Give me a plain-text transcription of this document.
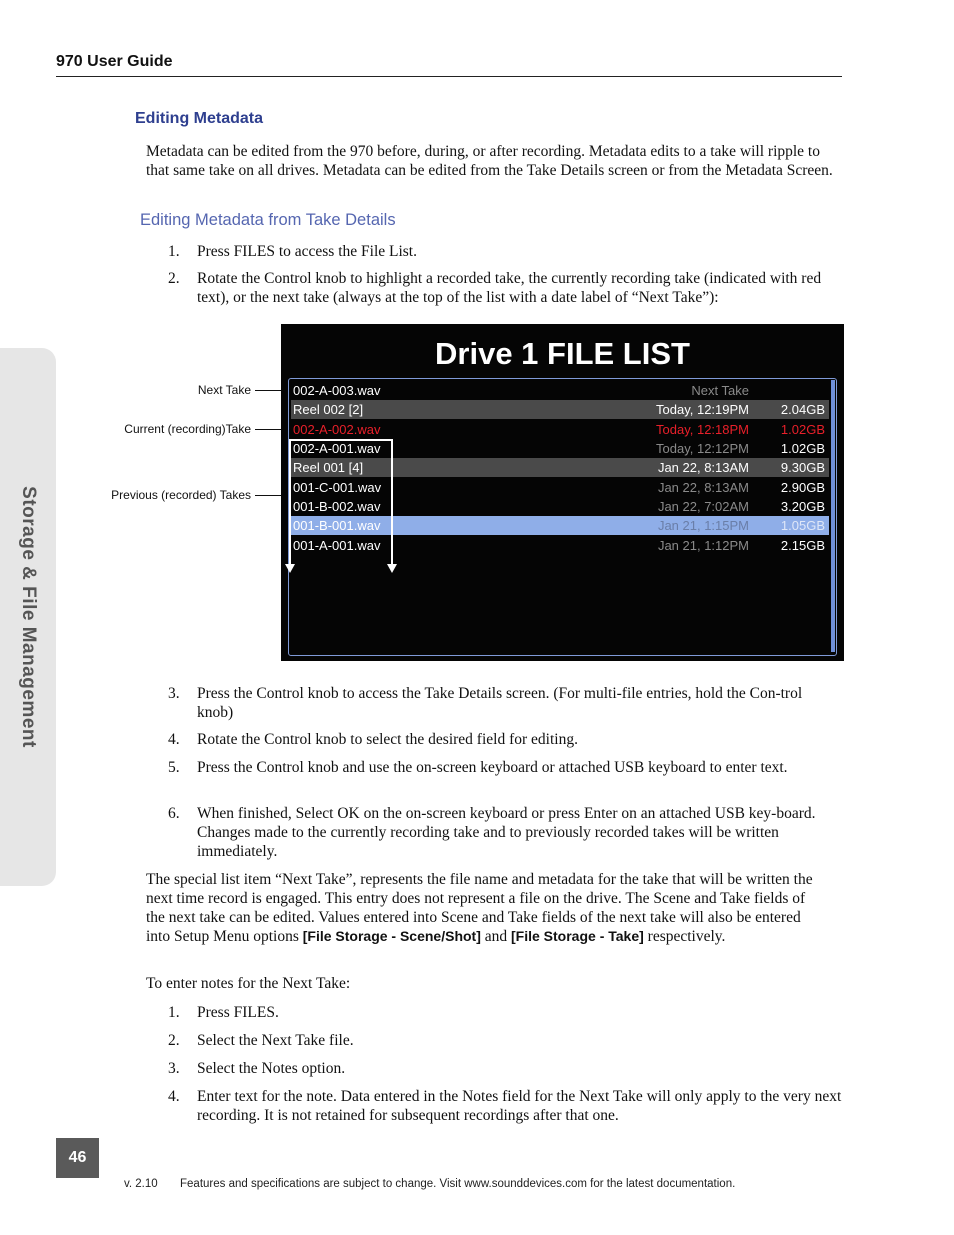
970 User Guide
Storage & File Management
Editing Metadata
Metadata can be edited from the 970 before, during, or after recording. Metadata edits to a take will ripple to that same take on all drives. Metadata can be edited from the Take Details screen or from the Metadata Screen.
Editing Metadata from Take Details
1. Press FILES to access the File List.
2. Rotate the Control knob to highlight a recorded take, the currently recording take (indicated with red text), or the next take (always at the top of the list with a date label of “Next Take”):
Next Take
Current (recording)Take
Previous (recorded) Takes
Drive 1 FILE LIST
002-A-003.wav	Next Take
Reel 002 [2]	Today, 12:19PM 2.04GB
002-A-002.wav	Today, 12:18PM 1.02GB
002-A-001.wav	Today, 12:12PM 1.02GB
Reel 001 [4]	Jan 22, 8:13AM 9.30GB
001-C-001.wav	Jan 22, 8:13AM 2.90GB
001-B-002.wav	Jan 22, 7:02AM 3.20GB
001-B-001.wav	Jan 21, 1:15PM 1.05GB
001-A-001.wav	Jan 21, 1:12PM 2.15GB
3. Press the Control knob to access the Take Details screen. (For multi-file entries, hold the Con-trol knob)
4. Rotate the Control knob to select the desired field for editing.
5. Press the Control knob and use the on-screen keyboard or attached USB keyboard to enter text.
6. When finished, Select OK on the on-screen keyboard or press Enter on an attached USB key-board. Changes made to the currently recording take and to previously recorded takes will be written immediately.
The special list item “Next Take”, represents the file name and metadata for the take that will be written the next time record is engaged. This entry does not represent a file on the drive. The Scene and Take fields of the next take can be edited. Values entered into Scene and Take fields of the next take will also be entered into Setup Menu options [File Storage - Scene/Shot] and [File Storage - Take] respectively.
To enter notes for the Next Take:
1. Press FILES.
2. Select the Next Take file.
3. Select the Notes option.
4. Enter text for the note. Data entered in the Notes field for the Next Take will only apply to the very next recording. It is not retained for subsequent recordings after that one.
46
v. 2.10 Features and specifications are subject to change. Visit www.sounddevices.com for the latest documentation.
